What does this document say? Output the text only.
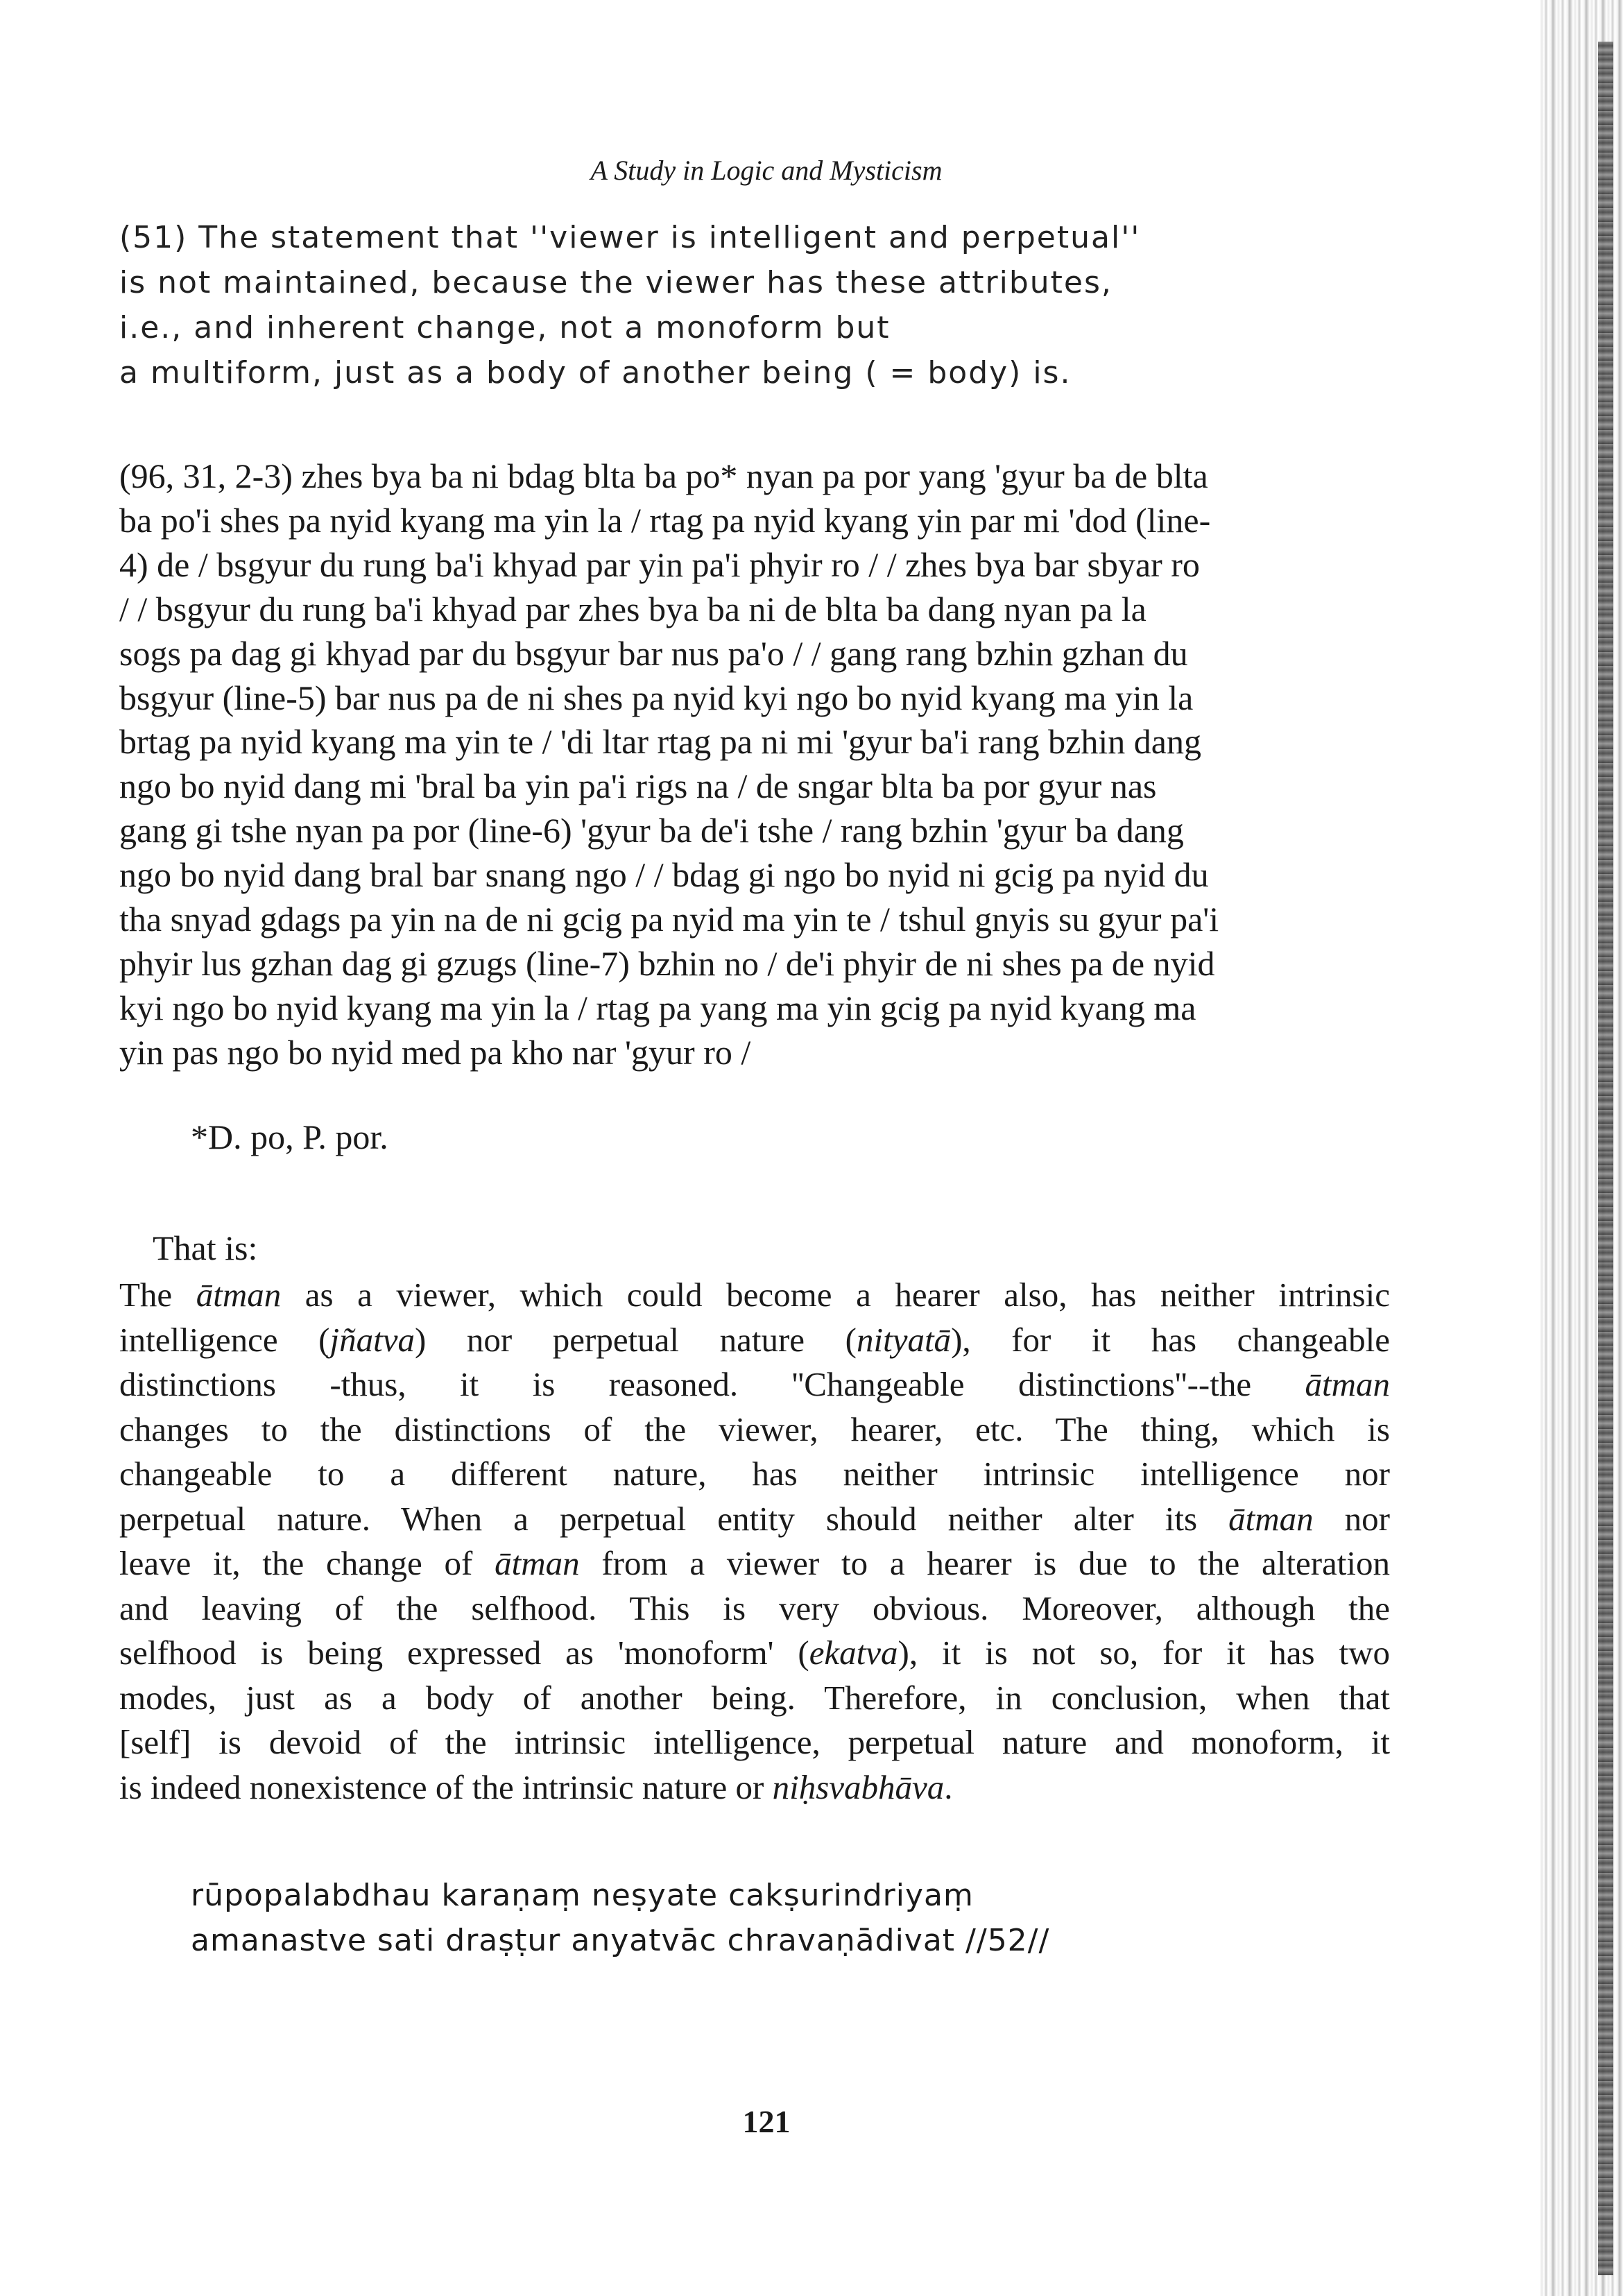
A Study in Logic and Mysticism
(51) The statement that ''viewer is intelligent and perpetual''
is not maintained, because the viewer has these attributes,
i.e., and inherent change, not a monoform but
a multiform, just as a body of another being ( = body) is.
(96, 31, 2-3) zhes bya ba ni bdag blta ba po* nyan pa por yang 'gyur ba de blta
ba po'i shes pa nyid kyang ma yin la / rtag pa nyid kyang yin par mi 'dod (line-
4) de / bsgyur du rung ba'i khyad par yin pa'i phyir ro / / zhes bya bar sbyar ro
/ / bsgyur du rung ba'i khyad par zhes bya ba ni de blta ba dang nyan pa la
sogs pa dag gi khyad par du bsgyur bar nus pa'o / / gang rang bzhin gzhan du
bsgyur (line-5) bar nus pa de ni shes pa nyid kyi ngo bo nyid kyang ma yin la
brtag pa nyid kyang ma yin te / 'di ltar rtag pa ni mi 'gyur ba'i rang bzhin dang
ngo bo nyid dang mi 'bral ba yin pa'i rigs na / de sngar blta ba por gyur nas
gang gi tshe nyan pa por (line-6) 'gyur ba de'i tshe / rang bzhin 'gyur ba dang
ngo bo nyid dang bral bar snang ngo / / bdag gi ngo bo nyid ni gcig pa nyid du
tha snyad gdags pa yin na de ni gcig pa nyid ma yin te / tshul gnyis su gyur pa'i
phyir lus gzhan dag gi gzugs (line-7) bzhin no / de'i phyir de ni shes pa de nyid
kyi ngo bo nyid kyang ma yin la / rtag pa yang ma yin gcig pa nyid kyang ma
yin pas ngo bo nyid med pa kho nar 'gyur ro /
*D. po, P. por.
That is:
The ātman as a viewer, which could become a hearer also, has neither intrinsic
intelligence (jñatva) nor perpetual nature (nityatā), for it has changeable
distinctions -thus, it is reasoned. ''Changeable distinctions''--the ātman
changes to the distinctions of the viewer, hearer, etc. The thing, which is
changeable to a different nature, has neither intrinsic intelligence nor
perpetual nature. When a perpetual entity should neither alter its ātman nor
leave it, the change of ātman from a viewer to a hearer is due to the alteration
and leaving of the selfhood. This is very obvious. Moreover, although the
selfhood is being expressed as 'monoform' (ekatva), it is not so, for it has two
modes, just as a body of another being. Therefore, in conclusion, when that
[self] is devoid of the intrinsic intelligence, perpetual nature and monoform, it
is indeed nonexistence of the intrinsic nature or niḥsvabhāva.
rūpopalabdhau karaṇaṃ neṣyate cakṣurindriyaṃ
amanastve sati draṣṭur anyatvāc chravaṇādivat //52//
121
